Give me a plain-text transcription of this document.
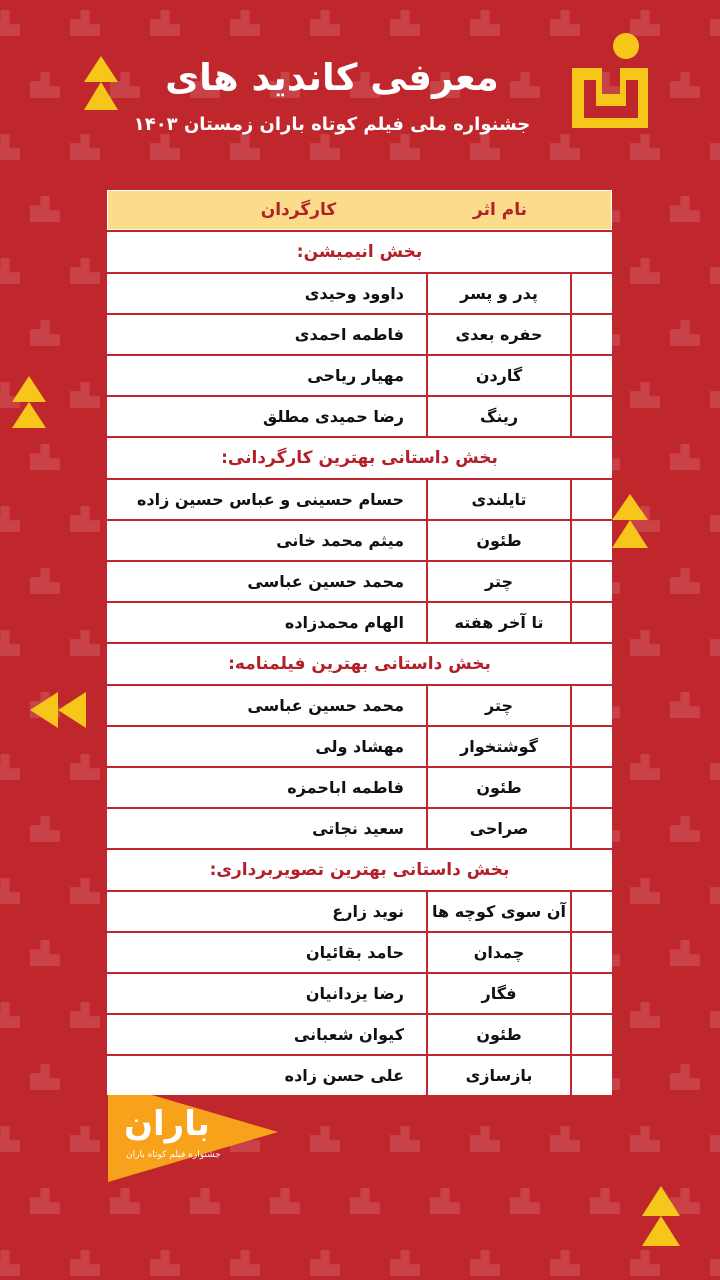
معرفی کاندید های
جشنواره ملی فیلم کوتاه باران زمستان ۱۴۰۳
نام اثر
کارگردان
بخش انیمیشن:
پدر و پسر
داوود وحیدی
حفره بعدی
فاطمه احمدی
گاردن
مهیار ریاحی
رینگ
رضا حمیدی مطلق
بخش داستانی بهترین کارگردانی:
تایلندی
حسام حسینی و عباس حسین زاده
طئون
میثم محمد خانی
چتر
محمد حسین عباسی
تا آخر هفته
الهام محمدزاده
بخش داستانی بهترین فیلمنامه:
چتر
محمد حسین عباسی
گوشتخوار
مهشاد ولی
طئون
فاطمه اباحمزه
صراحی
سعید نجاتی
بخش داستانی بهترین تصویربرداری:
آن سوی کوچه ها
نوید زارع
چمدان
حامد بقائیان
فگار
رضا یزدانیان
طئون
کیوان شعبانی
بازسازی
علی حسن زاده
باران
جشنواره فیلم کوتاه باران
